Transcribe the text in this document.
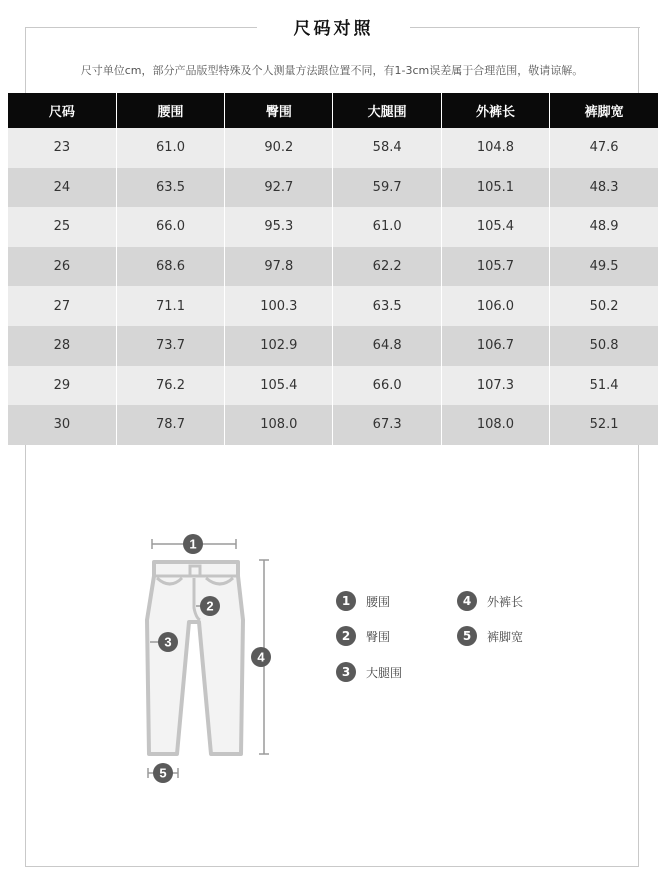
尺码对照
尺寸单位cm，部分产品版型特殊及个人测量方法跟位置不同，有1-3cm误差属于合理范围，敬请谅解。
尺码	腰围	臀围	大腿围	外裤长	裤脚宽
23	61.0	90.2	58.4	104.8	47.6
24	63.5	92.7	59.7	105.1	48.3
25	66.0	95.3	61.0	105.4	48.9
26	68.6	97.8	62.2	105.7	49.5
27	71.1	100.3	63.5	106.0	50.2
28	73.7	102.9	64.8	106.7	50.8
29	76.2	105.4	66.0	107.3	51.4
30	78.7	108.0	67.3	108.0	52.1
1
2
3
4
5
1	腰围
2	臀围
3	大腿围
4	外裤长
5	裤脚宽
